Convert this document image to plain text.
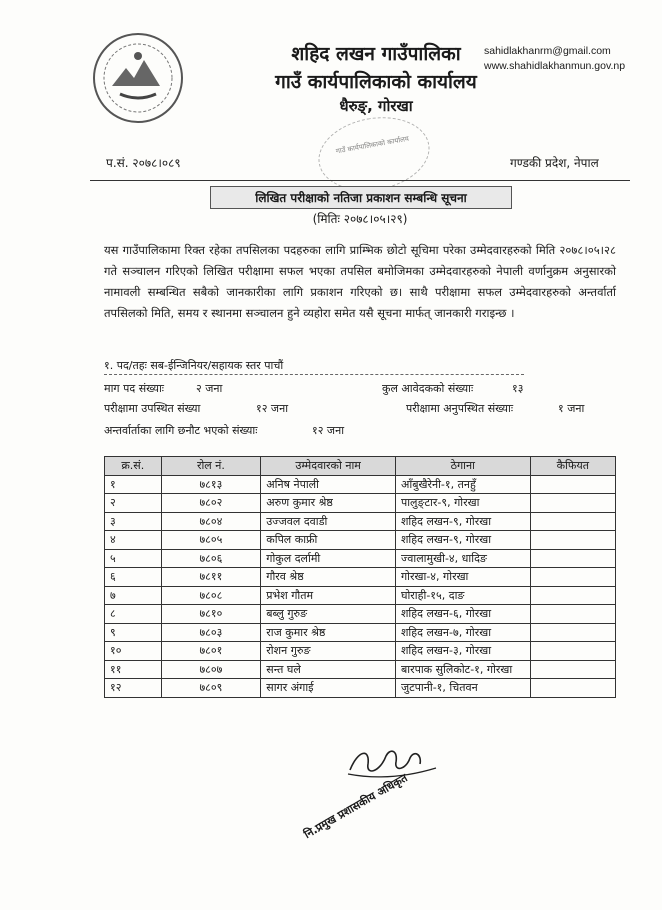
शहिद लखन गाउँपालिका
गाउँ कार्यपालिकाको कार्यालय
धैरुङ्, गोरखा
sahidlakhanrm@gmail.com
www.shahidlakhanmun.gov.np
गाउँ कार्यपालिकाको कार्यालय
प.सं. २०७८।०८९	गण्डकी प्रदेश, नेपाल
लिखित परीक्षाको नतिजा प्रकाशन सम्बन्धि सूचना
(मितिः २०७८।०५।२९)
यस गाउँपालिकामा रिक्त रहेका तपसिलका पदहरुका लागि प्राम्भिक छोटो सूचिमा परेका उम्मेदवारहरुको मिति २०७८।०५।२८ गते सञ्चालन गरिएको लिखित परीक्षामा सफल भएका तपसिल बमोजिमका उम्मेदवारहरुको नेपाली वर्णानुक्रम अनुसारको नामावली सम्बन्धित सबैको जानकारीका लागि प्रकाशन गरिएको छ। साथै परीक्षामा सफल उम्मेदवारहरुको अन्तर्वार्ता तपसिलको मिति, समय र स्थानमा सञ्चालन हुने व्यहोरा समेत यसै सूचना मार्फत् जानकारी गराइन्छ ।
१. पद/तहः सब-ईन्जिनियर/सहायक स्तर पाचौं
माग पद संख्याः	२ जना	कुल आवेदकको संख्याः	१३
परीक्षामा उपस्थित संख्या	१२ जना	परीक्षामा अनुपस्थित संख्याः	१ जना
अन्तर्वार्ताका लागि छनौट भएको संख्याः	१२ जना
क्र.सं.	रोल नं.	उम्मेदवारको नाम	ठेगाना	कैफियत
१	७८१३	अनिष नेपाली	आँबुखैरेनी-१, तनहुँ	
२	७८०२	अरुण कुमार श्रेष्ठ	पालुङ्टार-९, गोरखा	
३	७८०४	उज्जवल दवाडी	शहिद लखन-९, गोरखा	
४	७८०५	कपिल काफ्री	शहिद लखन-९, गोरखा	
५	७८०६	गोकुल दर्लामी	ज्वालामुखी-४, धादिङ	
६	७८११	गौरव श्रेष्ठ	गोरखा-४, गोरखा	
७	७८०८	प्रभेश गौतम	घोराही-१५, दाङ	
८	७८१०	बब्लु गुरुङ	शहिद लखन-६, गोरखा	
९	७८०३	राज कुमार श्रेष्ठ	शहिद लखन-७, गोरखा	
१०	७८०१	रोशन गुरुङ	शहिद लखन-३, गोरखा	
११	७८०७	सन्त घले	बारपाक सुलिकोट-१, गोरखा	
१२	७८०९	सागर अंगाई	जुटपानी-१, चितवन	
नि.प्रमुख प्रशासकीय अधिकृत
